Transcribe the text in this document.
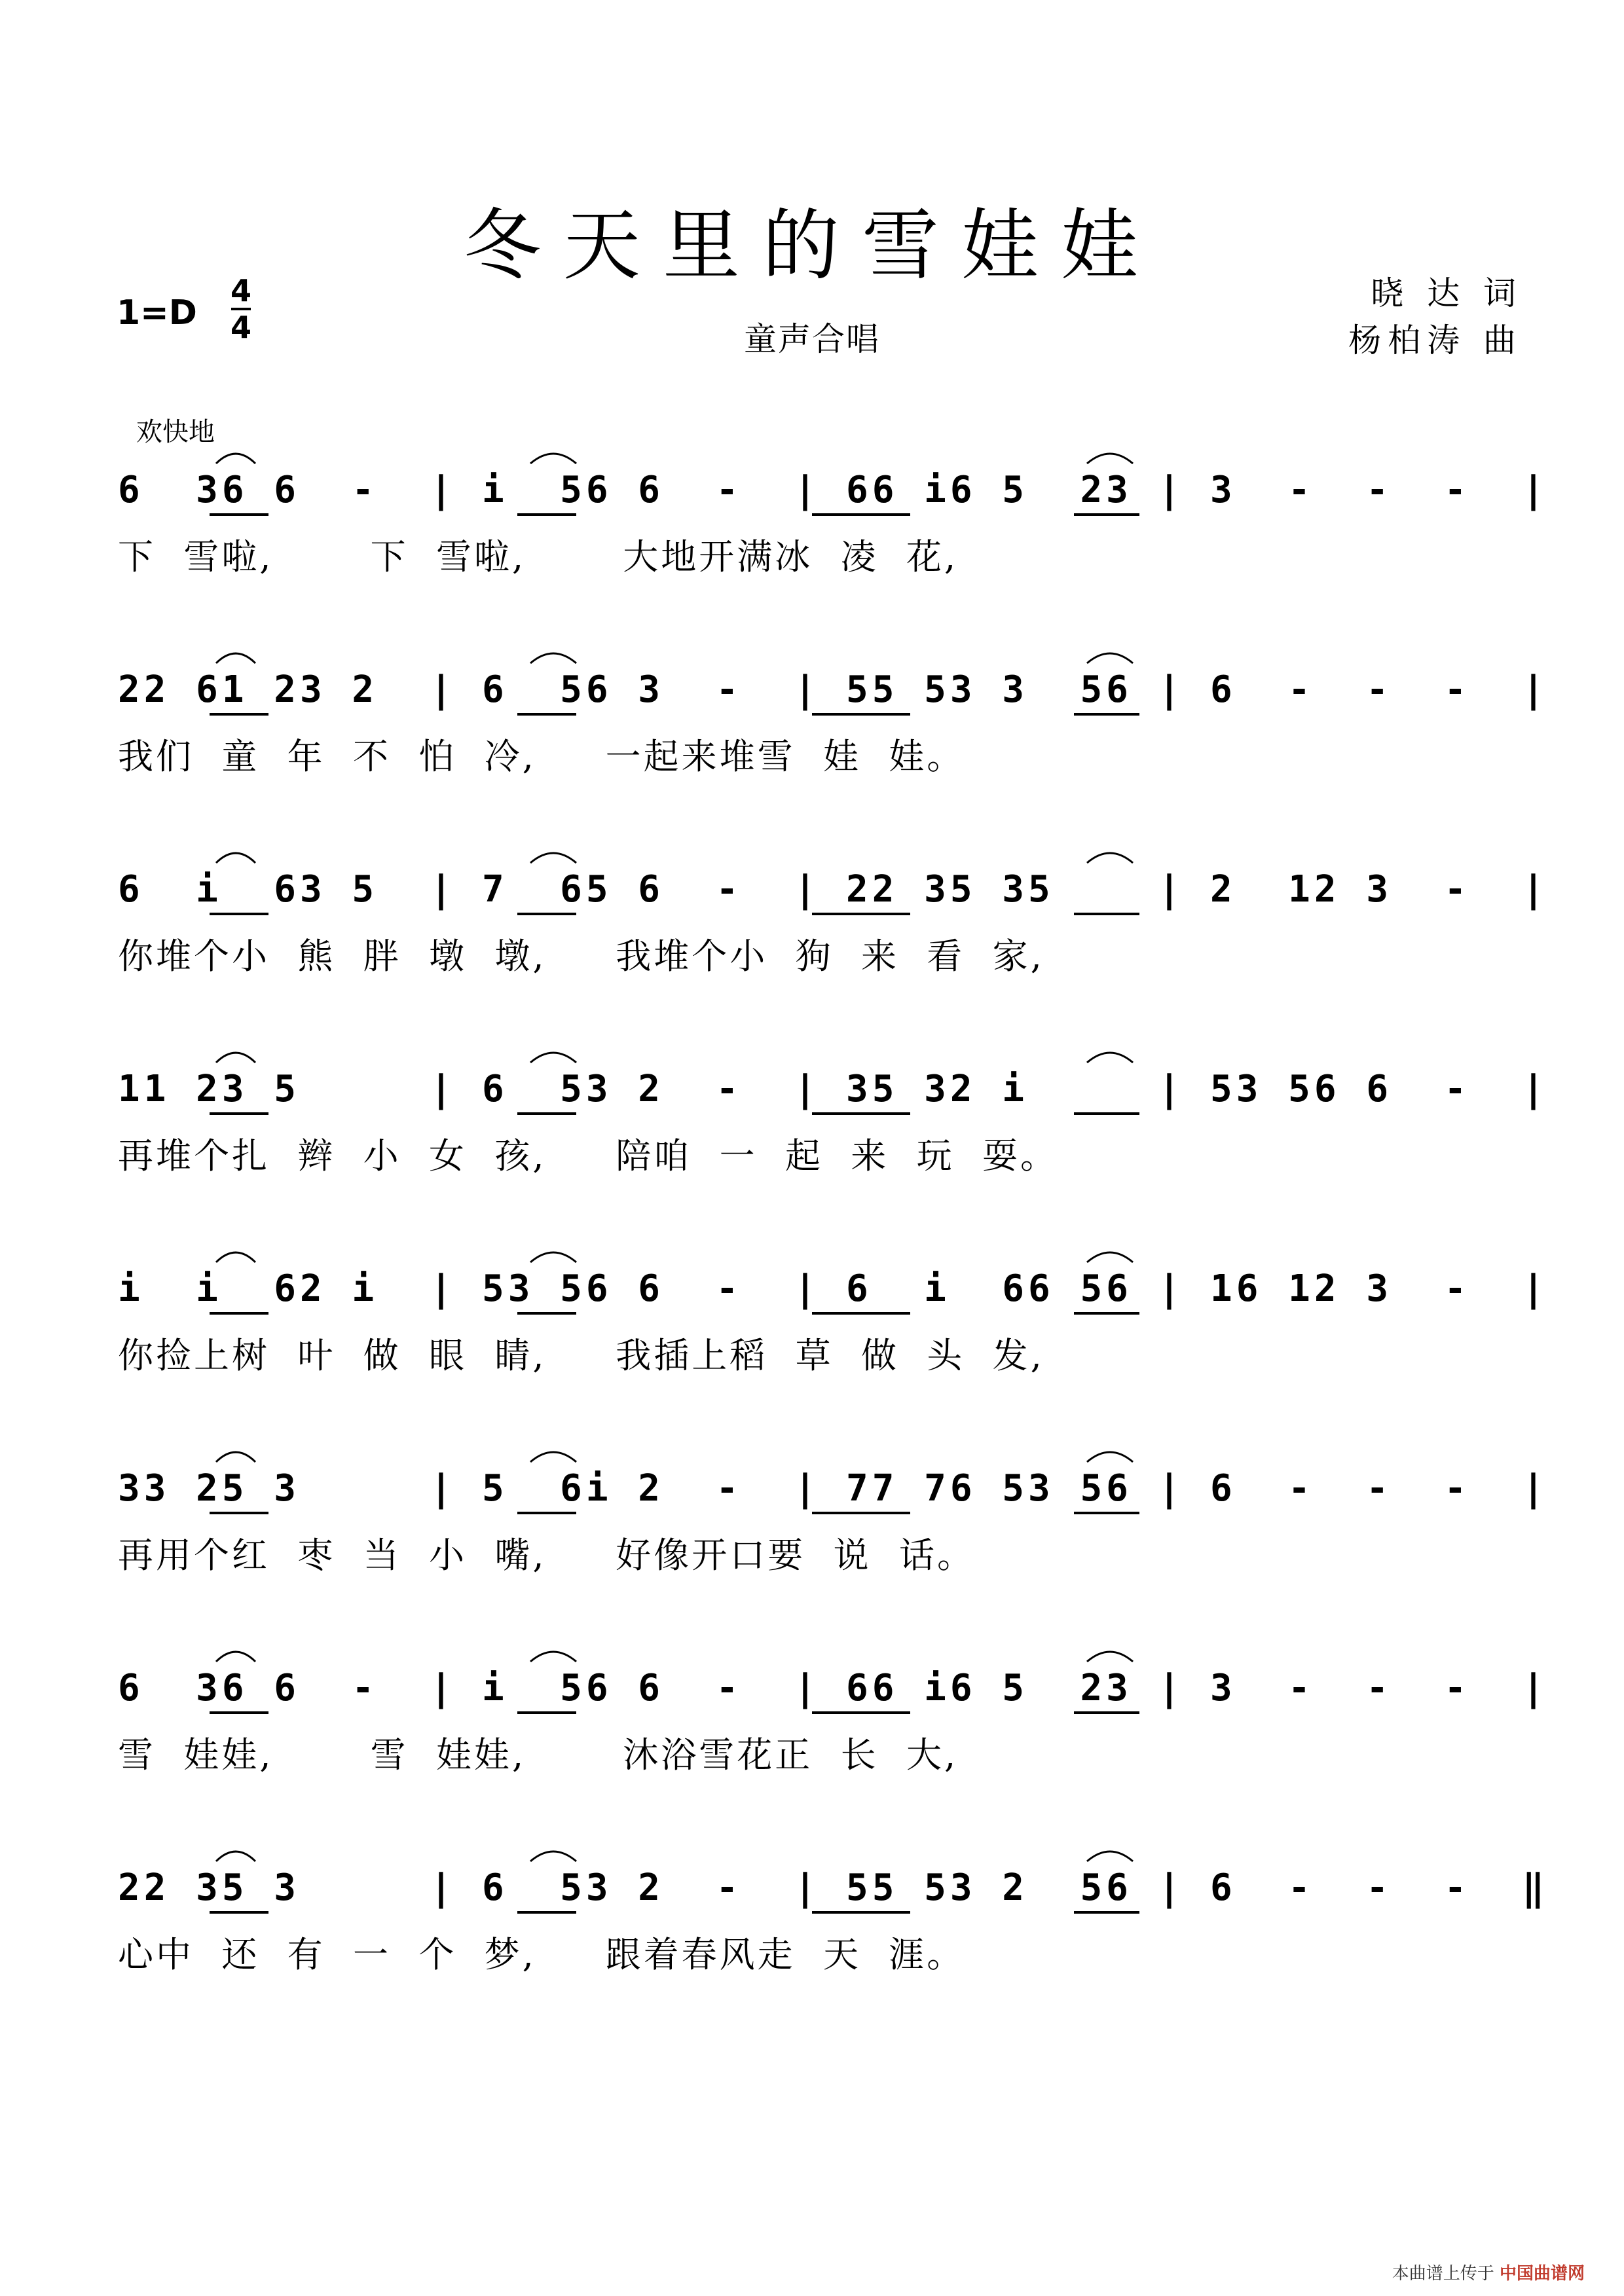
冬天里的雪娃娃
童声合唱
1=D
4
4
晓 达 词
杨柏涛 曲
欢快地
6  36 6  -  | i  56 6  -  | 66 i6 5  23 | 3  -  -  -  |
下  雪啦,       下  雪啦,       大地开满冰  凌  花,
22 61 23 2  | 6  56 3  -  | 55 53 3  56 | 6  -  -  -  |
我们  童  年  不  怕  冷,     一起来堆雪  娃  娃。
6  i  63 5  | 7  65 6  -  | 22 35 35    | 2  12 3  -  |
你堆个小  熊  胖  墩  墩,     我堆个小  狗  来  看  家,
11 23 5     | 6  53 2  -  | 35 32 i     | 53 56 6  -  |
再堆个扎  辫  小  女  孩,     陪咱  一  起  来  玩  耍。
i  i  62 i  | 53 56 6  -  | 6  i  66 56 | 16 12 3  -  |
你捡上树  叶  做  眼  睛,     我插上稻  草  做  头  发,
33 25 3     | 5  6i 2  -  | 77 76 53 56 | 6  -  -  -  |
再用个红  枣  当  小  嘴,     好像开口要  说  话。
6  36 6  -  | i  56 6  -  | 66 i6 5  23 | 3  -  -  -  |
雪  娃娃,       雪  娃娃,       沐浴雪花正  长  大,
22 35 3     | 6  53 2  -  | 55 53 2  56 | 6  -  -  -  ‖
心中  还  有  一  个  梦,     跟着春风走  天  涯。
本曲谱上传于 中国曲谱网
